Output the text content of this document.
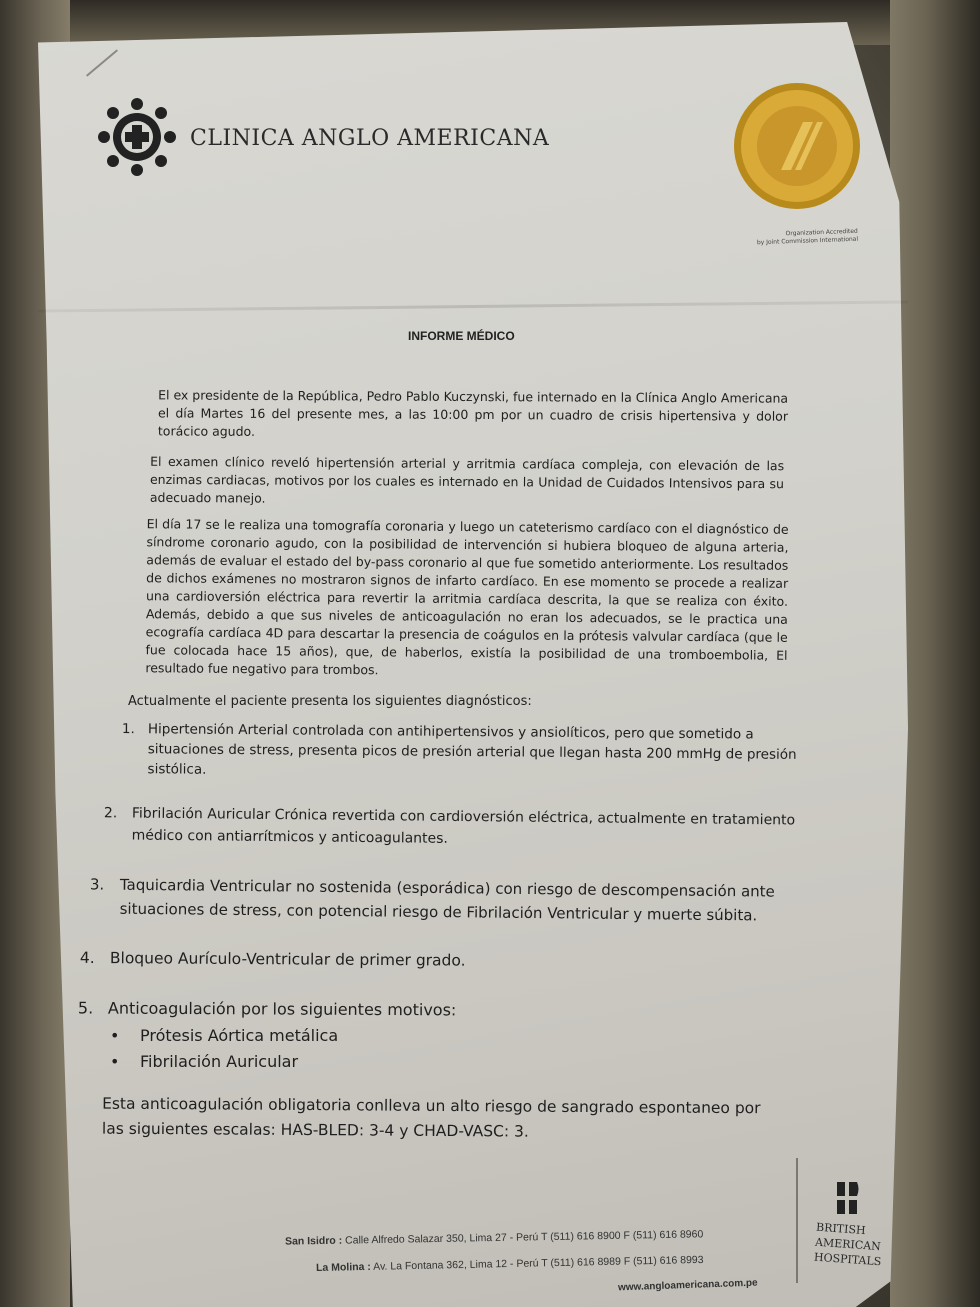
CLINICA ANGLO AMERICANA
Organization Accredited
by Joint Commission International
INFORME MÉDICO
El ex presidente de la República, Pedro Pablo Kuczynski, fue internado en la Clínica Anglo Americana el día Martes 16 del presente mes, a las 10:00 pm por un cuadro de crisis hipertensiva y dolor torácico agudo.
El examen clínico reveló hipertensión arterial y arritmia cardíaca compleja, con elevación de las enzimas cardiacas, motivos por los cuales es internado en la Unidad de Cuidados Intensivos para su adecuado manejo.
El día 17 se le realiza una tomografía coronaria y luego un cateterismo cardíaco con el diagnóstico de síndrome coronario agudo, con la posibilidad de intervención si hubiera bloqueo de alguna arteria, además de evaluar el estado del by-pass coronario al que fue sometido anteriormente. Los resultados de dichos exámenes no mostraron signos de infarto cardíaco. En ese momento se procede a realizar una cardioversión eléctrica para revertir la arritmia cardíaca descrita, la que se realiza con éxito. Además, debido a que sus niveles de anticoagulación no eran los adecuados, se le practica una ecografía cardíaca 4D para descartar la presencia de coágulos en la prótesis valvular cardíaca (que le fue colocada hace 15 años), que, de haberlos, existía la posibilidad de una tromboembolia, El resultado fue negativo para trombos.
Actualmente el paciente presenta los siguientes diagnósticos:
1. Hipertensión Arterial controlada con antihipertensivos y ansiolíticos, pero que sometido a situaciones de stress, presenta picos de presión arterial que llegan hasta 200 mmHg de presión sistólica.
2. Fibrilación Auricular Crónica revertida con cardioversión eléctrica, actualmente en tratamiento médico con antiarrítmicos y anticoagulantes.
3. Taquicardia Ventricular no sostenida (esporádica) con riesgo de descompensación ante situaciones de stress, con potencial riesgo de Fibrilación Ventricular y muerte súbita.
4. Bloqueo Aurículo-Ventricular de primer grado.
5. Anticoagulación por los siguientes motivos:
• Prótesis Aórtica metálica
• Fibrilación Auricular
Esta anticoagulación obligatoria conlleva un alto riesgo de sangrado espontaneo por las siguientes escalas: HAS-BLED: 3-4 y CHAD-VASC: 3.
San Isidro : Calle Alfredo Salazar 350, Lima 27 - Perú T (511) 616 8900 F (511) 616 8960
La Molina : Av. La Fontana 362, Lima 12 - Perú T (511) 616 8989 F (511) 616 8993
www.angloamericana.com.pe
BRITISH
AMERICAN
HOSPITALS
